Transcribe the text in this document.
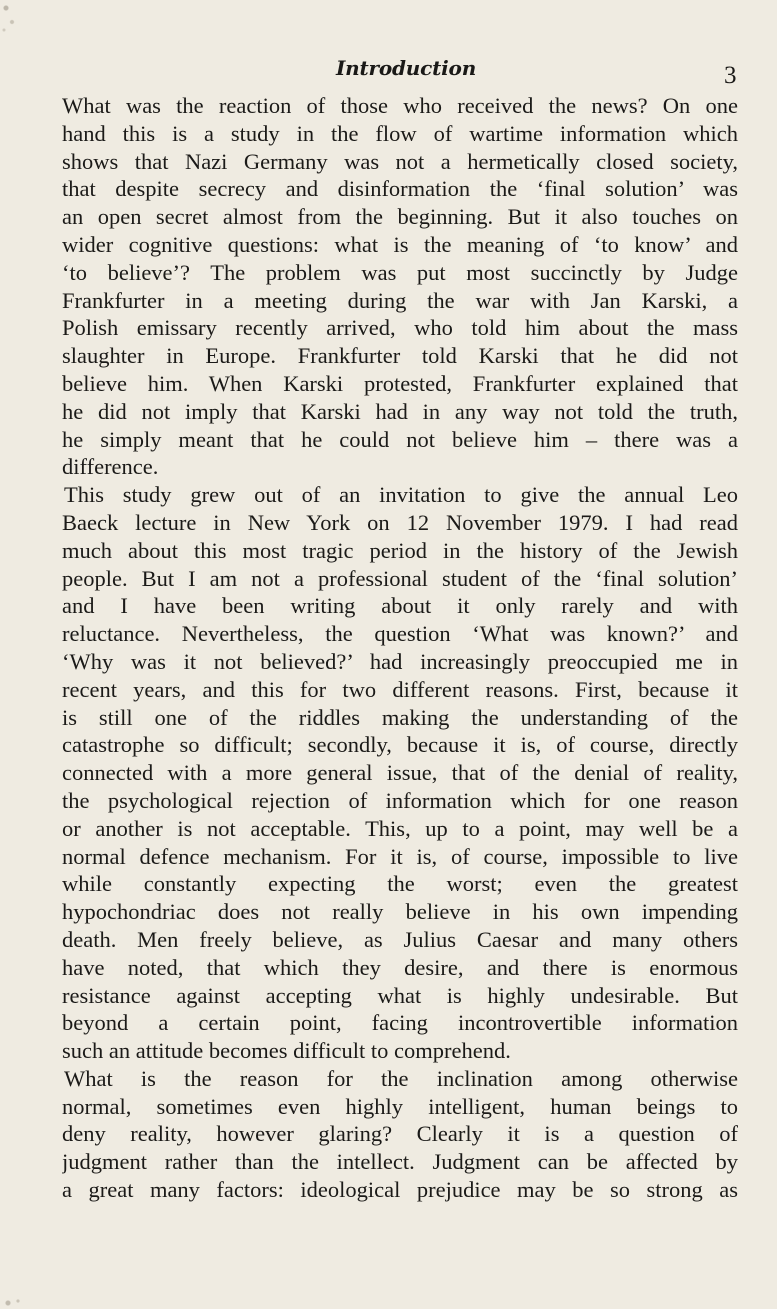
Introduction	3
What was the reaction of those who received the news? On one
hand this is a study in the flow of wartime information which
shows that Nazi Germany was not a hermetically closed society,
that despite secrecy and disinformation the ‘final solution’ was
an open secret almost from the beginning. But it also touches on
wider cognitive questions: what is the meaning of ‘to know’ and
‘to believe’? The problem was put most succinctly by Judge
Frankfurter in a meeting during the war with Jan Karski, a
Polish emissary recently arrived, who told him about the mass
slaughter in Europe. Frankfurter told Karski that he did not
believe him. When Karski protested, Frankfurter explained that
he did not imply that Karski had in any way not told the truth,
he simply meant that he could not believe him – there was a
difference.
This study grew out of an invitation to give the annual Leo
Baeck lecture in New York on 12 November 1979. I had read
much about this most tragic period in the history of the Jewish
people. But I am not a professional student of the ‘final solution’
and I have been writing about it only rarely and with
reluctance. Nevertheless, the question ‘What was known?’ and
‘Why was it not believed?’ had increasingly preoccupied me in
recent years, and this for two different reasons. First, because it
is still one of the riddles making the understanding of the
catastrophe so difficult; secondly, because it is, of course, directly
connected with a more general issue, that of the denial of reality,
the psychological rejection of information which for one reason
or another is not acceptable. This, up to a point, may well be a
normal defence mechanism. For it is, of course, impossible to live
while constantly expecting the worst; even the greatest
hypochondriac does not really believe in his own impending
death. Men freely believe, as Julius Caesar and many others
have noted, that which they desire, and there is enormous
resistance against accepting what is highly undesirable. But
beyond a certain point, facing incontrovertible information
such an attitude becomes difficult to comprehend.
What is the reason for the inclination among otherwise
normal, sometimes even highly intelligent, human beings to
deny reality, however glaring? Clearly it is a question of
judgment rather than the intellect. Judgment can be affected by
a great many factors: ideological prejudice may be so strong as
